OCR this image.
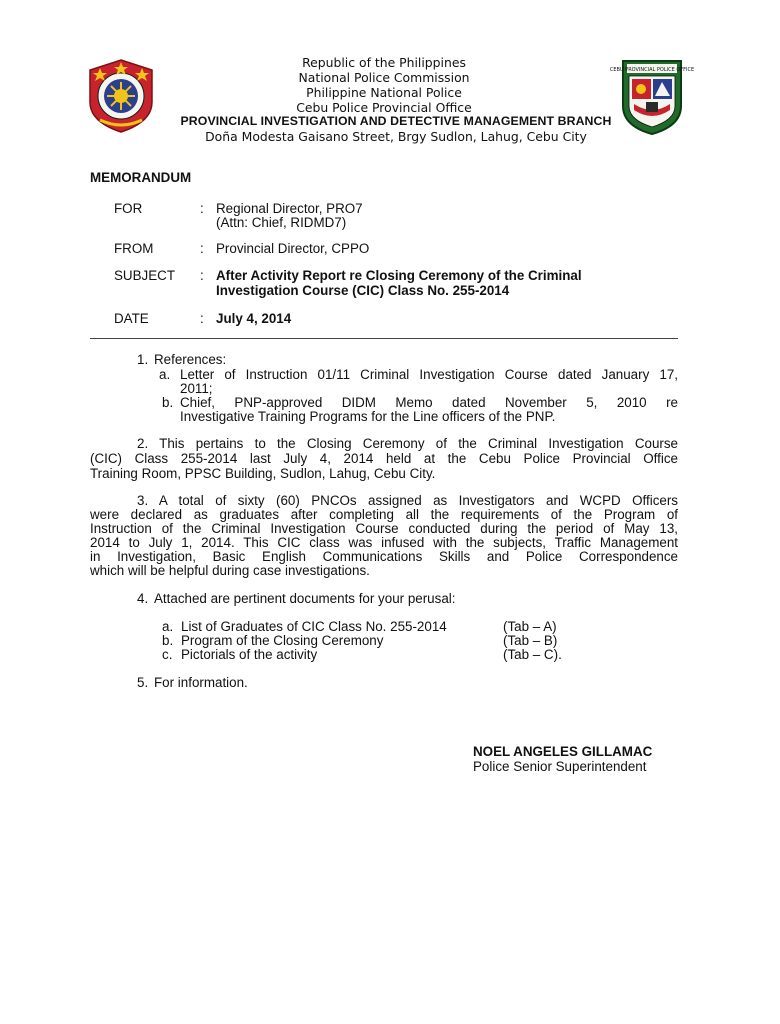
CEBU PROVINCIAL POLICE OFFICE
Republic of the Philippines
National Police Commission
Philippine National Police
Cebu Police Provincial Office
PROVINCIAL INVESTIGATION AND DETECTIVE MANAGEMENT BRANCH
Doña Modesta Gaisano Street, Brgy Sudlon, Lahug, Cebu City
MEMORANDUM
FOR	: Regional Director, PRO7
(Attn: Chief, RIDMD7)
FROM	: Provincial Director, CPPO
SUBJECT : After Activity Report re Closing Ceremony of the Criminal
Investigation Course (CIC) Class No. 255-2014
DATE	: July 4, 2014
1. References:
a. Letter of Instruction 01/11 Criminal Investigation Course dated January 17,
2011;
b. Chief, PNP-approved DIDM Memo dated November 5, 2010 re
Investigative Training Programs for the Line officers of the PNP.
2. This pertains to the Closing Ceremony of the Criminal Investigation Course
(CIC) Class 255-2014 last July 4, 2014 held at the Cebu Police Provincial Office
Training Room, PPSC Building, Sudlon, Lahug, Cebu City.
3. A total of sixty (60) PNCOs assigned as Investigators and WCPD Officers
were declared as graduates after completing all the requirements of the Program of
Instruction of the Criminal Investigation Course conducted during the period of May 13,
2014 to July 1, 2014. This CIC class was infused with the subjects, Traffic Management
in Investigation, Basic English Communications Skills and Police Correspondence
which will be helpful during case investigations.
4. Attached are pertinent documents for your perusal:
a. List of Graduates of CIC Class No. 255-2014	(Tab – A)
b. Program of the Closing Ceremony	(Tab – B)
c. Pictorials of the activity	(Tab – C).
5. For information.
NOEL ANGELES GILLAMAC
Police Senior Superintendent
